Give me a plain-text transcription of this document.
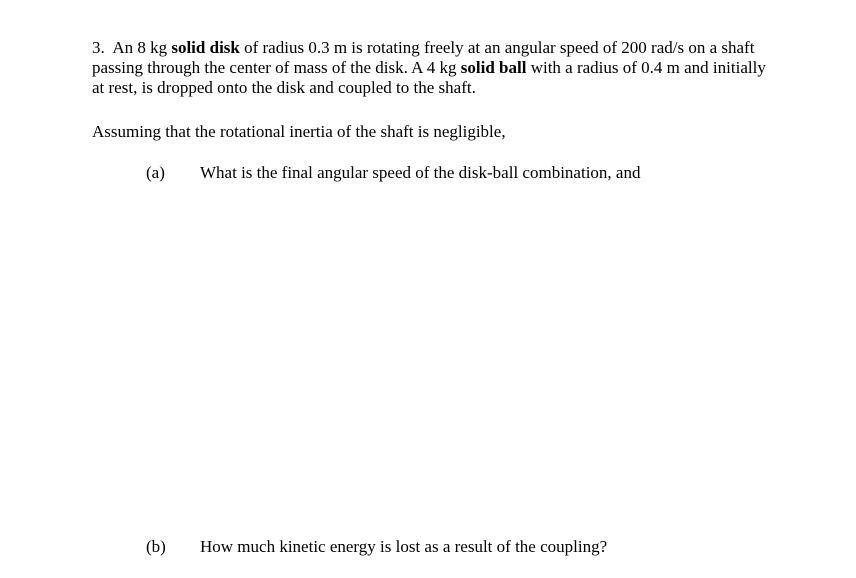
3. An 8 kg solid disk of radius 0.3 m is rotating freely at an angular speed of 200 rad/s on a shaft passing through the center of mass of the disk. A 4 kg solid ball with a radius of 0.4 m and initially at rest, is dropped onto the disk and coupled to the shaft.
Assuming that the rotational inertia of the shaft is negligible,
(a) What is the final angular speed of the disk-ball combination, and
(b) How much kinetic energy is lost as a result of the coupling?
